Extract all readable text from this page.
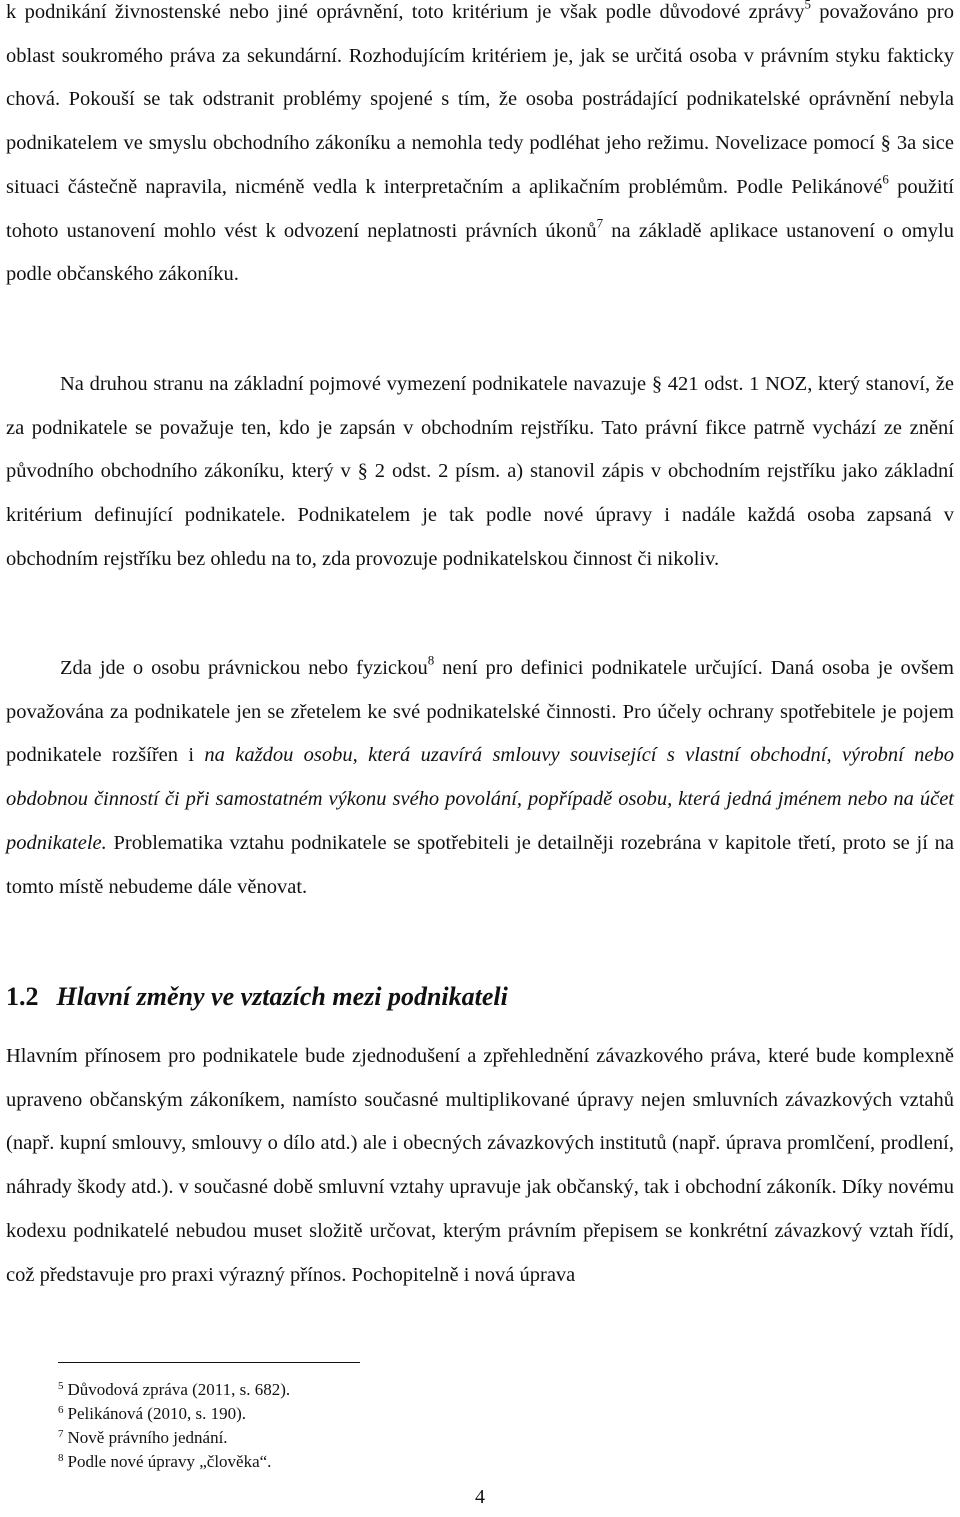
k podnikání živnostenské nebo jiné oprávnění, toto kritérium je však podle důvodové zprávy$^5$ považováno pro oblast soukromého práva za sekundární. Rozhodujícím kritériem je, jak se určitá osoba v právním styku fakticky chová. Pokouší se tak odstranit problémy spojené s tím, že osoba postrádající podnikatelské oprávnění nebyla podnikatelem ve smyslu obchodního zákoníku a nemohla tedy podléhat jeho režimu. Novelizace pomocí § 3a sice situaci částečně napravila, nicméně vedla k interpretačním a aplikačním problémům. Podle Pelikánové$^6$ použití tohoto ustanovení mohlo vést k odvození neplatnosti právních úkonů$^7$ na základě aplikace ustanovení o omylu podle občanského zákoníku.

Na druhou stranu na základní pojmové vymezení podnikatele navazuje § 421 odst. 1 NOZ, který stanoví, že za podnikatele se považuje ten, kdo je zapsán v obchodním rejstříku. Tato právní fikce patrně vychází ze znění původního obchodního zákoníku, který v § 2 odst. 2 písm. a) stanovil zápis v obchodním rejstříku jako základní kritérium definující podnikatele. Podnikatelem je tak podle nové úpravy i nadále každá osoba zapsaná v obchodním rejstříku bez ohledu na to, zda provozuje podnikatelskou činnost či nikoliv.

Zda jde o osobu právnickou nebo fyzickou$^8$ není pro definici podnikatele určující. Daná osoba je ovšem považována za podnikatele jen se zřetelem ke své podnikatelské činnosti. Pro účely ochrany spotřebitele je pojem podnikatele rozšířen i na každou osobu, která uzavírá smlouvy související s vlastní obchodní, výrobní nebo obdobnou činností či při samostatném výkonu svého povolání, popřípadě osobu, která jedná jménem nebo na účet podnikatele. Problematika vztahu podnikatele se spotřebiteli je detailněji rozebrána v kapitole třetí, proto se jí na tomto místě nebudeme dále věnovat.

1.2 Hlavní změny ve vztazích mezi podnikateli

Hlavním přínosem pro podnikatele bude zjednodušení a zpřehlednění závazkového práva, které bude komplexně upraveno občanským zákoníkem, namísto současné multiplikované úpravy nejen smluvních závazkových vztahů (např. kupní smlouvy, smlouvy o dílo atd.) ale i obecných závazkových institutů (např. úprava promlčení, prodlení, náhrady škody atd.). v současné době smluvní vztahy upravuje jak občanský, tak i obchodní zákoník. Díky novému kodexu podnikatelé nebudou muset složitě určovat, kterým právním přepisem se konkrétní závazkový vztah řídí, což představuje pro praxi výrazný přínos. Pochopitelně i nová úprava

$^5$ Důvodová zpráva (2011, s. 682).

$^6$ Pelikánová (2010, s. 190).

$^7$ Nově právního jednání.

$^8$ Podle nové úpravy „člověka“.

4
